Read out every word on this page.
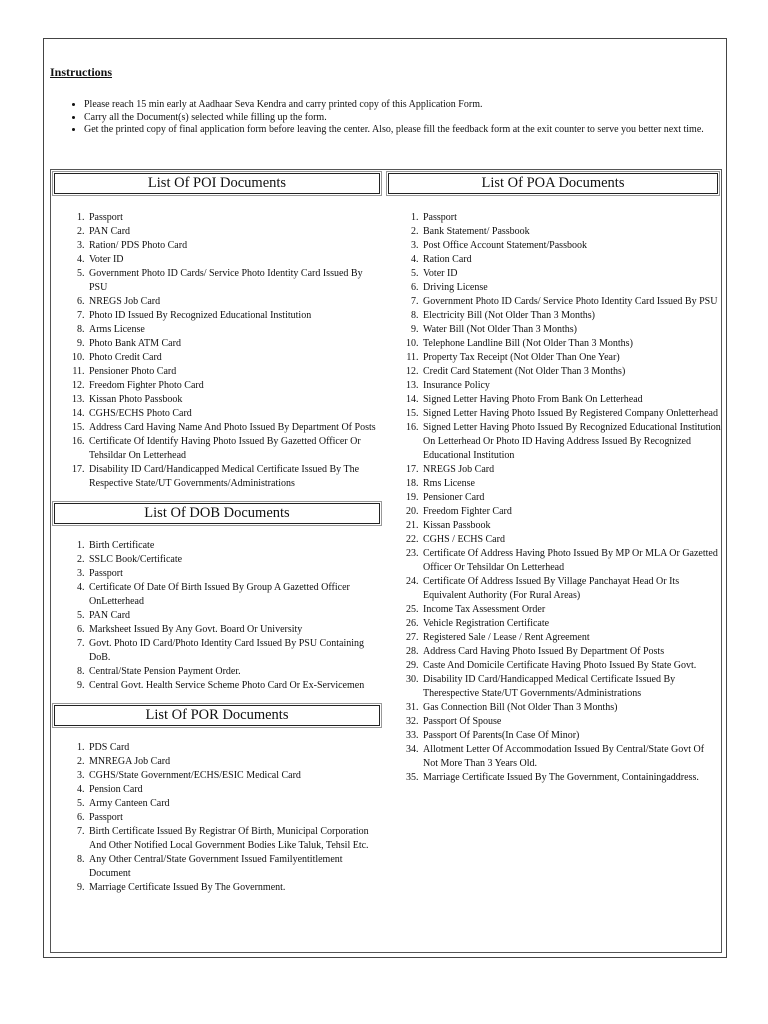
Instructions
• Please reach 15 min early at Aadhaar Seva Kendra and carry printed copy of this Application Form.
• Carry all the Document(s) selected while filling up the form.
• Get the printed copy of final application form before leaving the center. Also, please fill the feedback form at the exit counter to serve you better next time.
List Of POI Documents
1. Passport
2. PAN Card
3. Ration/ PDS Photo Card
4. Voter ID
5. Government Photo ID Cards/ Service Photo Identity Card Issued By PSU
6. NREGS Job Card
7. Photo ID Issued By Recognized Educational Institution
8. Arms License
9. Photo Bank ATM Card
10. Photo Credit Card
11. Pensioner Photo Card
12. Freedom Fighter Photo Card
13. Kissan Photo Passbook
14. CGHS/ECHS Photo Card
15. Address Card Having Name And Photo Issued By Department Of Posts
16. Certificate Of Identify Having Photo Issued By Gazetted Officer Or Tehsildar On Letterhead
17. Disability ID Card/Handicapped Medical Certificate Issued By The Respective State/UT Governments/Administrations
List Of DOB Documents
1. Birth Certificate
2. SSLC Book/Certificate
3. Passport
4. Certificate Of Date Of Birth Issued By Group A Gazetted Officer OnLetterhead
5. PAN Card
6. Marksheet Issued By Any Govt. Board Or University
7. Govt. Photo ID Card/Photo Identity Card Issued By PSU Containing DoB.
8. Central/State Pension Payment Order.
9. Central Govt. Health Service Scheme Photo Card Or Ex-Servicemen
List Of POR Documents
1. PDS Card
2. MNREGA Job Card
3. CGHS/State Government/ECHS/ESIC Medical Card
4. Pension Card
5. Army Canteen Card
6. Passport
7. Birth Certificate Issued By Registrar Of Birth, Municipal Corporation And Other Notified Local Government Bodies Like Taluk, Tehsil Etc.
8. Any Other Central/State Government Issued Familyentitlement Document
9. Marriage Certificate Issued By The Government.
List Of POA Documents
1. Passport
2. Bank Statement/ Passbook
3. Post Office Account Statement/Passbook
4. Ration Card
5. Voter ID
6. Driving License
7. Government Photo ID Cards/ Service Photo Identity Card Issued By PSU
8. Electricity Bill (Not Older Than 3 Months)
9. Water Bill (Not Older Than 3 Months)
10. Telephone Landline Bill (Not Older Than 3 Months)
11. Property Tax Receipt (Not Older Than One Year)
12. Credit Card Statement (Not Older Than 3 Months)
13. Insurance Policy
14. Signed Letter Having Photo From Bank On Letterhead
15. Signed Letter Having Photo Issued By Registered Company Onletterhead
16. Signed Letter Having Photo Issued By Recognized Educational Institution On Letterhead Or Photo ID Having Address Issued By Recognized Educational Institution
17. NREGS Job Card
18. Rms License
19. Pensioner Card
20. Freedom Fighter Card
21. Kissan Passbook
22. CGHS / ECHS Card
23. Certificate Of Address Having Photo Issued By MP Or MLA Or Gazetted Officer Or Tehsildar On Letterhead
24. Certificate Of Address Issued By Village Panchayat Head Or Its Equivalent Authority (For Rural Areas)
25. Income Tax Assessment Order
26. Vehicle Registration Certificate
27. Registered Sale / Lease / Rent Agreement
28. Address Card Having Photo Issued By Department Of Posts
29. Caste And Domicile Certificate Having Photo Issued By State Govt.
30. Disability ID Card/Handicapped Medical Certificate Issued By Therespective State/UT Governments/Administrations
31. Gas Connection Bill (Not Older Than 3 Months)
32. Passport Of Spouse
33. Passport Of Parents(In Case Of Minor)
34. Allotment Letter Of Accommodation Issued By Central/State Govt Of Not More Than 3 Years Old.
35. Marriage Certificate Issued By The Government, Containingaddress.
